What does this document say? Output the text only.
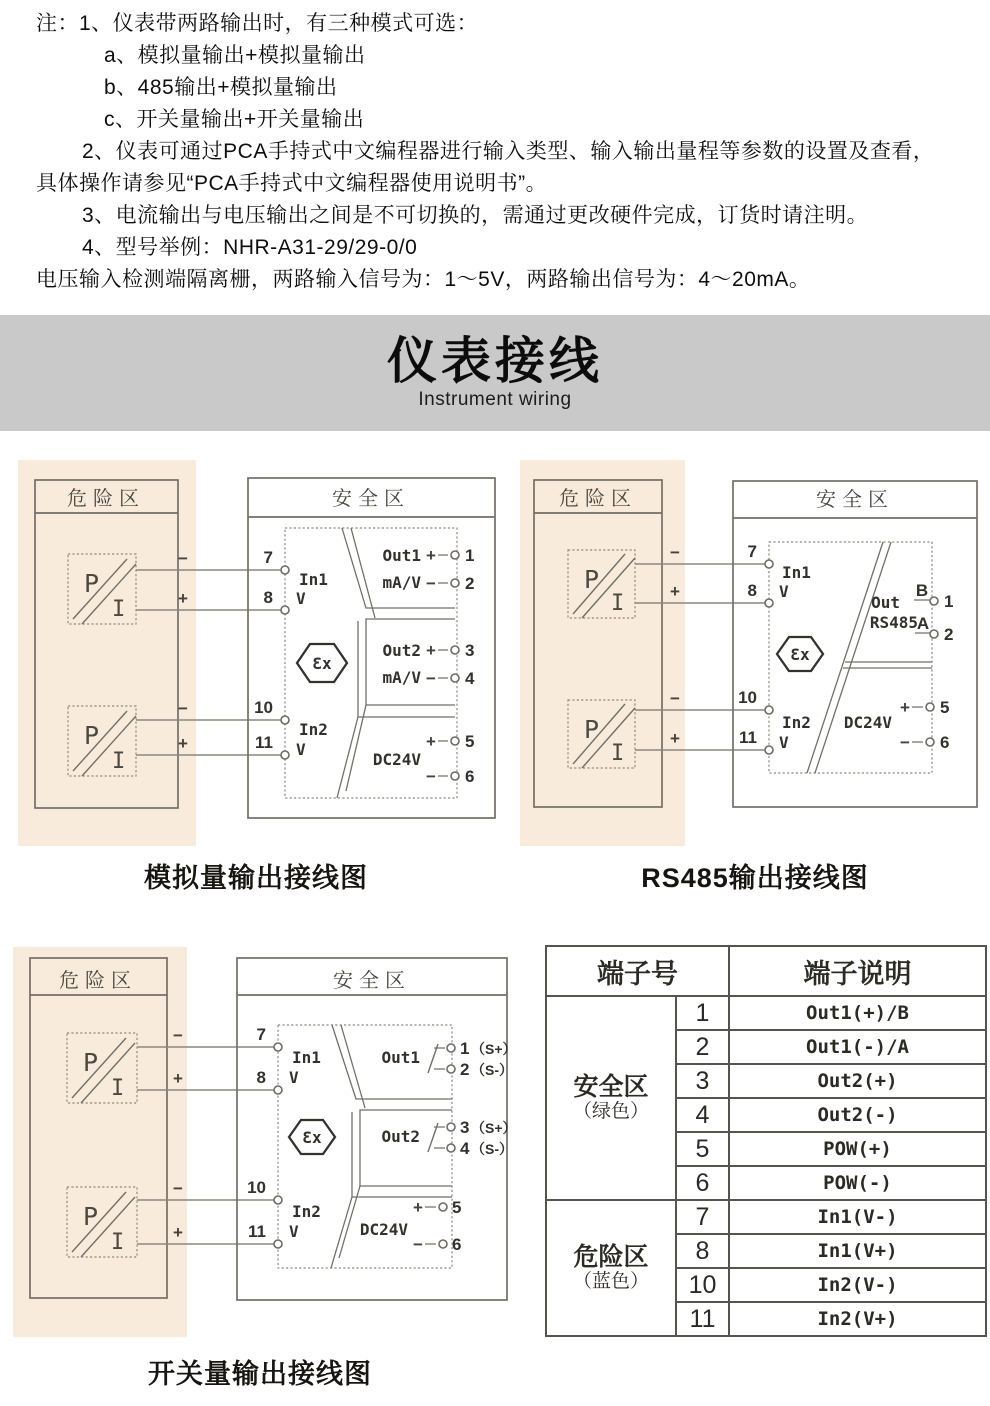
注：1、仪表带两路输出时，有三种模式可选：
a、模拟量输出+模拟量输出
b、485输出+模拟量输出
c、开关量输出+开关量输出
2、仪表可通过PCA手持式中文编程器进行输入类型、输入输出量程等参数的设置及查看，
具体操作请参见“PCA手持式中文编程器使用说明书”。
3、电流输出与电压输出之间是不可切换的，需通过更改硬件完成，订货时请注明。
4、型号举例：NHR-A31-29/29-0/0
电压输入检测端隔离栅，两路输入信号为：1～5V，两路输出信号为：4～20mA。
仪表接线
Instrument wiring
危险区
P
I
P
I
−
+
−
+
安全区
Ɛx
7
8
In1
V
10
11
In2
V
Out1
mA/V
+ 1
− 2
Out2
mA/V
+ 3
− 4
DC24V
+ 5
− 6
危险区
P
I
P
I
−
+
−
+
安全区
Ɛx
7
8
In1
V
10
11
In2
V
Out
RS485
B
1
A
2
DC24V
+ 5
− 6
模拟量输出接线图	RS485输出接线图
危险区
P
I
P
I
−
+
−
+
安全区
Ɛx
7
8
In1
V
10
11
In2
V
Out1 1 （S+）
2 （S-）
Out2 3 （S+）
4 （S-）
DC24V
+ 5
− 6
端子号		端子说明

安全区
（绿色）	1	Out1(+)/B
	2	Out1(-)/A
	3	Out2(+)
	4	Out2(-)
	5	POW(+)
	6	POW(-)

危险区
（蓝色）	7	In1(V-)
	8	In1(V+)
	10	In2(V-)
	11	In2(V+)
开关量输出接线图
